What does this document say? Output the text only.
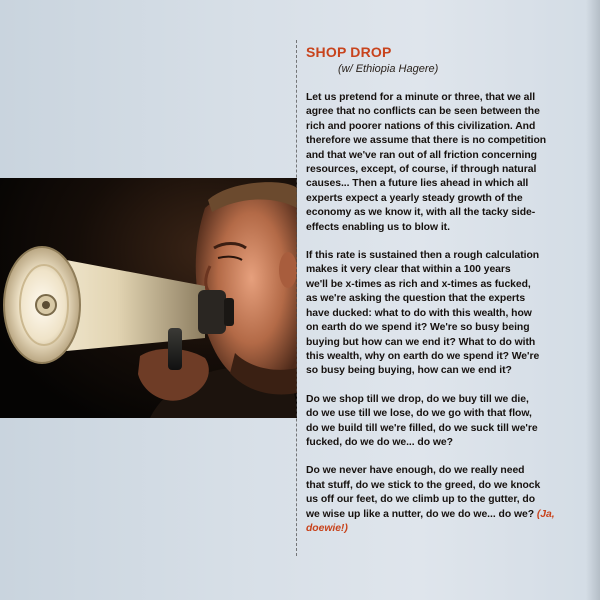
SHOP DROP
(w/ Ethiopia Hagere)

Let us pretend for a minute or three, that we all
agree that no conflicts can be seen between the
rich and poorer nations of this civilization. And
therefore we assume that there is no competition
and that we've ran out of all friction concerning
resources, except, of course, if through natural
causes... Then a future lies ahead in which all
experts expect a yearly steady growth of the
economy as we know it, with all the tacky side-
effects enabling us to blow it.

If this rate is sustained then a rough calculation
makes it very clear that within a 100 years
we'll be x-times as rich and x-times as fucked,
as we're asking the question that the experts
have ducked: what to do with this wealth, how
on earth do we spend it? We're so busy being
buying but how can we end it? What to do with
this wealth, why on earth do we spend it? We're
so busy being buying, how can we end it?

Do we shop till we drop, do we buy till we die,
do we use till we lose, do we go with that flow,
do we build till we're filled, do we suck till we're
fucked, do we do we... do we?

Do we never have enough, do we really need
that stuff, do we stick to the greed, do we knock
us off our feet, do we climb up to the gutter, do
we wise up like a nutter, do we do we... do we? (Ja, doewie!)
